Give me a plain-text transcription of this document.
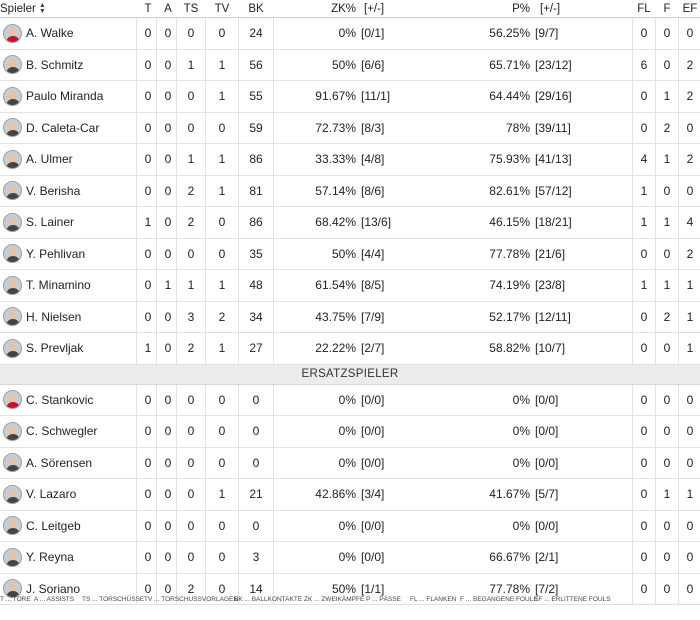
Spieler ▲
▼	T	A	TS	TV	BK	ZK% [+/-]	P% [+/-]	FL	F	EF
A. Walke	0	0	0	0	24	0% [0/1]	56.25% [9/7]	0	0	0
B. Schmitz	0	0	1	1	56	50% [6/6]	65.71% [23/12]	6	0	2
Paulo Miranda	0	0	0	1	55	91.67% [11/1]	64.44% [29/16]	0	1	2
D. Caleta-Car	0	0	0	0	59	72.73% [8/3]	78% [39/11]	0	2	0
A. Ulmer	0	0	1	1	86	33.33% [4/8]	75.93% [41/13]	4	1	2
V. Berisha	0	0	2	1	81	57.14% [8/6]	82.61% [57/12]	1	0	0
S. Lainer	1	0	2	0	86	68.42% [13/6]	46.15% [18/21]	1	1	4
Y. Pehlivan	0	0	0	0	35	50% [4/4]	77.78% [21/6]	0	0	2
T. Minamino	0	1	1	1	48	61.54% [8/5]	74.19% [23/8]	1	1	1
H. Nielsen	0	0	3	2	34	43.75% [7/9]	52.17% [12/11]	0	2	1
S. Prevljak	1	0	2	1	27	22.22% [2/7]	58.82% [10/7]	0	0	1
ERSATZSPIELER
C. Stankovic	0	0	0	0	0	0% [0/0]	0% [0/0]	0	0	0
C. Schwegler	0	0	0	0	0	0% [0/0]	0% [0/0]	0	0	0
A. Sörensen	0	0	0	0	0	0% [0/0]	0% [0/0]	0	0	0
V. Lazaro	0	0	0	1	21	42.86% [3/4]	41.67% [5/7]	0	1	1
C. Leitgeb	0	0	0	0	0	0% [0/0]	0% [0/0]	0	0	0
Y. Reyna	0	0	0	0	3	0% [0/0]	66.67% [2/1]	0	0	0
J. Soriano	0	0	2	0	14	50% [1/1]	77.78% [7/2]	0	0	0
T ... TORE A ... ASSISTS TS ... TORSCHÜSSE TV ... TORSCHUSSVORLAGEN
BK ... BALLKONTAKTE ZK ... ZWEIKÄMPFE P ... PÄSSE FL ... FLANKEN F ... BEGANGENE FOULS
EF ... ERLITTENE FOULS
